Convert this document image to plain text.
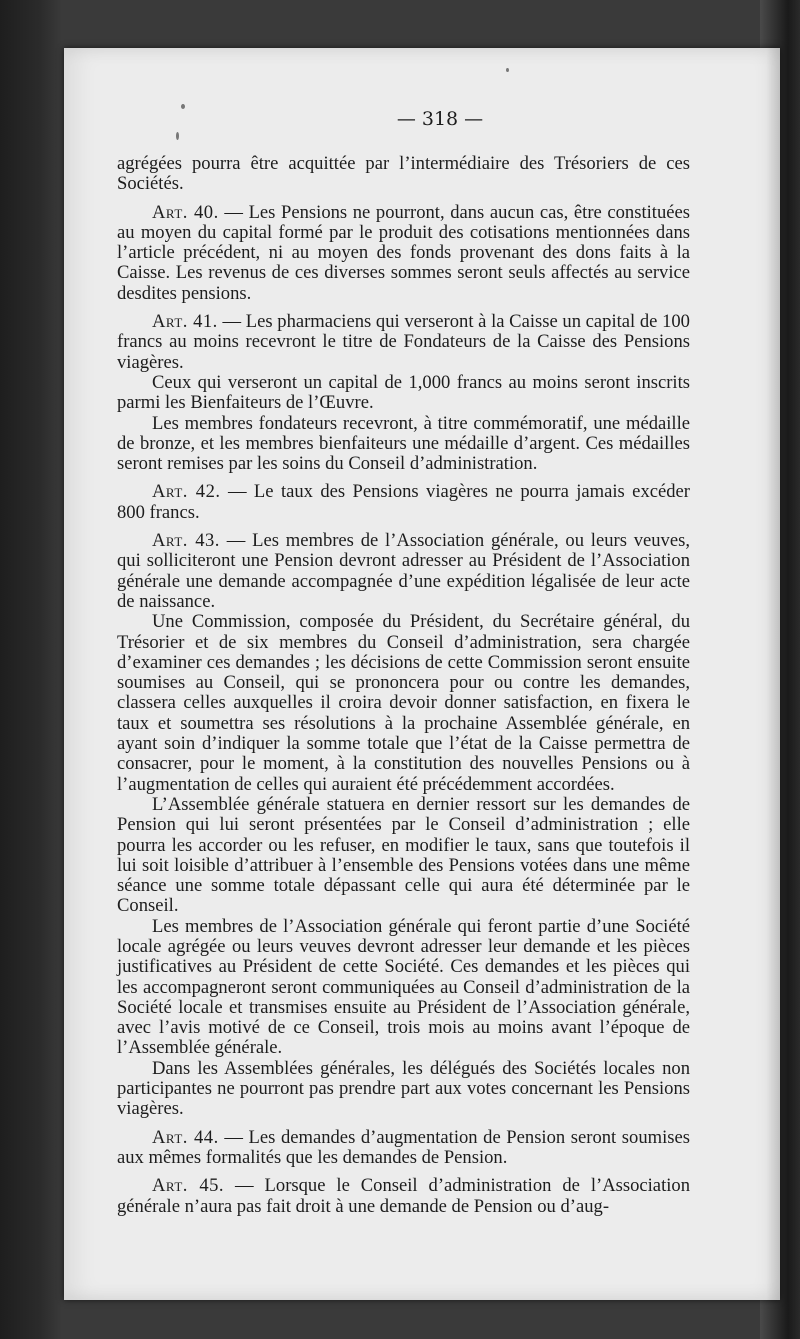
— 318 —

agrégées pourra être acquittée par l’intermédiaire des Trésoriers de ces Sociétés.

Art. 40. — Les Pensions ne pourront, dans aucun cas, être constituées au moyen du capital formé par le produit des cotisations mentionnées dans l’article précédent, ni au moyen des fonds provenant des dons faits à la Caisse. Les revenus de ces diverses sommes seront seuls affectés au service desdites pensions.

Art. 41. — Les pharmaciens qui verseront à la Caisse un capital de 100 francs au moins recevront le titre de Fondateurs de la Caisse des Pensions viagères.

Ceux qui verseront un capital de 1,000 francs au moins seront inscrits parmi les Bienfaiteurs de l’Œuvre.

Les membres fondateurs recevront, à titre commémoratif, une médaille de bronze, et les membres bienfaiteurs une médaille d’argent. Ces médailles seront remises par les soins du Conseil d’administration.

Art. 42. — Le taux des Pensions viagères ne pourra jamais excéder 800 francs.

Art. 43. — Les membres de l’Association générale, ou leurs veuves, qui solliciteront une Pension devront adresser au Président de l’Association générale une demande accompagnée d’une expédition légalisée de leur acte de naissance.

Une Commission, composée du Président, du Secrétaire général, du Trésorier et de six membres du Conseil d’administration, sera chargée d’examiner ces demandes ; les décisions de cette Commission seront ensuite soumises au Conseil, qui se prononcera pour ou contre les demandes, classera celles auxquelles il croira devoir donner satisfaction, en fixera le taux et soumettra ses résolutions à la prochaine Assemblée générale, en ayant soin d’indiquer la somme totale que l’état de la Caisse permettra de consacrer, pour le moment, à la constitution des nouvelles Pensions ou à l’augmentation de celles qui auraient été précédemment accordées.

L’Assemblée générale statuera en dernier ressort sur les demandes de Pension qui lui seront présentées par le Conseil d’administration ; elle pourra les accorder ou les refuser, en modifier le taux, sans que toutefois il lui soit loisible d’attribuer à l’ensemble des Pensions votées dans une même séance une somme totale dépassant celle qui aura été déterminée par le Conseil.

Les membres de l’Association générale qui feront partie d’une Société locale agrégée ou leurs veuves devront adresser leur demande et les pièces justificatives au Président de cette Société. Ces demandes et les pièces qui les accompagneront seront communiquées au Conseil d’administration de la Société locale et transmises ensuite au Président de l’Association générale, avec l’avis motivé de ce Conseil, trois mois au moins avant l’époque de l’Assemblée générale.

Dans les Assemblées générales, les délégués des Sociétés locales non participantes ne pourront pas prendre part aux votes concernant les Pensions viagères.

Art. 44. — Les demandes d’augmentation de Pension seront soumises aux mêmes formalités que les demandes de Pension.

Art. 45. — Lorsque le Conseil d’administration de l’Association générale n’aura pas fait droit à une demande de Pension ou d’aug-
